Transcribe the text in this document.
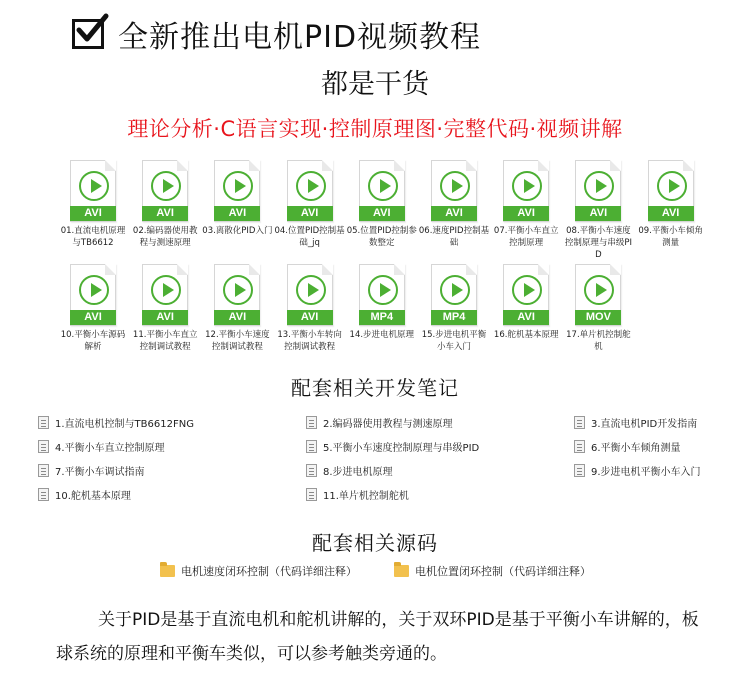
全新推出电机PID视频教程
都是干货
理论分析·C语言实现·控制原理图·完整代码·视频讲解
AVI
01.直流电机原理与TB6612
AVI
02.编码器使用教程与测速原理
AVI
03.离散化PID入门
AVI
04.位置PID控制基础_jq
AVI
05.位置PID控制参数整定
AVI
06.速度PID控制基础
AVI
07.平衡小车直立控制原理
AVI
08.平衡小车速度控制原理与串级PID
AVI
09.平衡小车倾角测量
AVI
10.平衡小车源码解析
AVI
11.平衡小车直立控制调试教程
AVI
12.平衡小车速度控制调试教程
AVI
13.平衡小车转向控制调试教程
MP4
14.步进电机原理
MP4
15.步进电机平衡小车入门
AVI
16.舵机基本原理
MOV
17.单片机控制舵机
配套相关开发笔记
1.直流电机控制与TB6612FNG	2.编码器使用教程与测速原理	3.直流电机PID开发指南
4.平衡小车直立控制原理	5.平衡小车速度控制原理与串级PID	6.平衡小车倾角测量
7.平衡小车调试指南	8.步进电机原理	9.步进电机平衡小车入门
10.舵机基本原理	11.单片机控制舵机
配套相关源码
电机速度闭环控制（代码详细注释）	电机位置闭环控制（代码详细注释）
关于PID是基于直流电机和舵机讲解的，关于双环PID是基于平衡小车讲解的，板球系统的原理和平衡车类似，可以参考触类旁通的。
